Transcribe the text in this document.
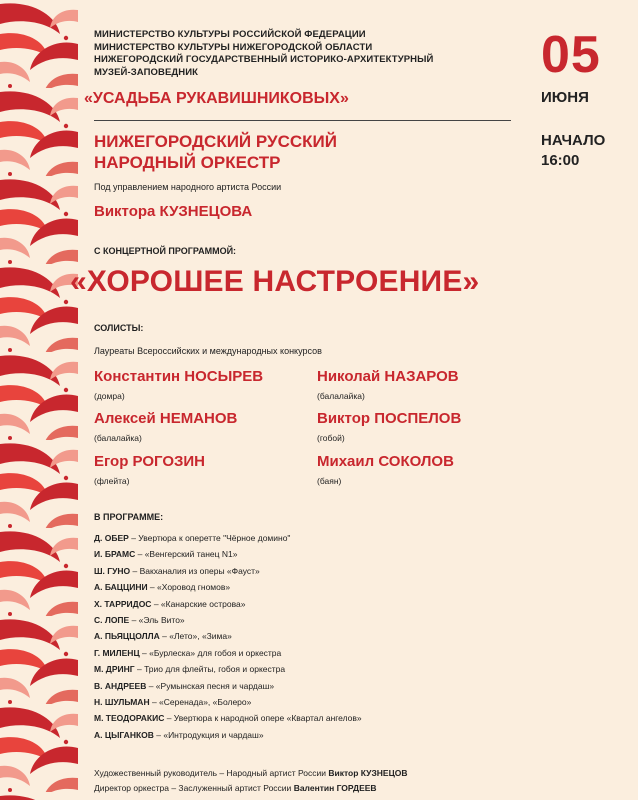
МИНИСТЕРСТВО КУЛЬТУРЫ РОССИЙСКОЙ ФЕДЕРАЦИИ
МИНИСТЕРСТВО КУЛЬТУРЫ НИЖЕГОРОДСКОЙ ОБЛАСТИ
НИЖЕГОРОДСКИЙ ГОСУДАРСТВЕННЫЙ ИСТОРИКО-АРХИТЕКТУРНЫЙ
МУЗЕЙ-ЗАПОВЕДНИК
«УСАДЬБА РУКАВИШНИКОВЫХ»
05
ИЮНЯ
НАЧАЛО
16:00
НИЖЕГОРОДСКИЙ РУССКИЙ
НАРОДНЫЙ ОРКЕСТР
Под управлением народного артиста России
Виктора КУЗНЕЦОВА
С КОНЦЕРТНОЙ ПРОГРАММОЙ:
«ХОРОШЕЕ НАСТРОЕНИЕ»
СОЛИСТЫ:
Лауреаты Всероссийских и международных конкурсов
Константин НОСЫРЕВ
(домра)
Николай НАЗАРОВ
(балалайка)
Алексей НЕМАНОВ
(балалайка)
Виктор ПОСПЕЛОВ
(гобой)
Егор РОГОЗИН
(флейта)
Михаил СОКОЛОВ
(баян)
В ПРОГРАММЕ:
Д. ОБЕР – Увертюра к оперетте "Чёрное домино"
И. БРАМС – «Венгерский танец N1»
Ш. ГУНО – Вакханалия из оперы «Фауст»
А. БАЦЦИНИ – «Хоровод гномов»
Х. ТАРРИДОС – «Канарские острова»
С. ЛОПЕ – «Эль Вито»
А. ПЬЯЦЦОЛЛА – «Лето», «Зима»
Г. МИЛЕНЦ – «Бурлеска» для гобоя и оркестра
М. ДРИНГ – Трио для флейты, гобоя и оркестра
В. АНДРЕЕВ – «Румынская песня и чардаш»
Н. ШУЛЬМАН – «Серенада», «Болеро»
М. ТЕОДОРАКИС – Увертюра к народной опере «Квартал ангелов»
А. ЦЫГАНКОВ – «Интродукция и чардаш»
Художественный руководитель – Народный артист России Виктор КУЗНЕЦОВ
Директор оркестра – Заслуженный артист России Валентин ГОРДЕЕВ
